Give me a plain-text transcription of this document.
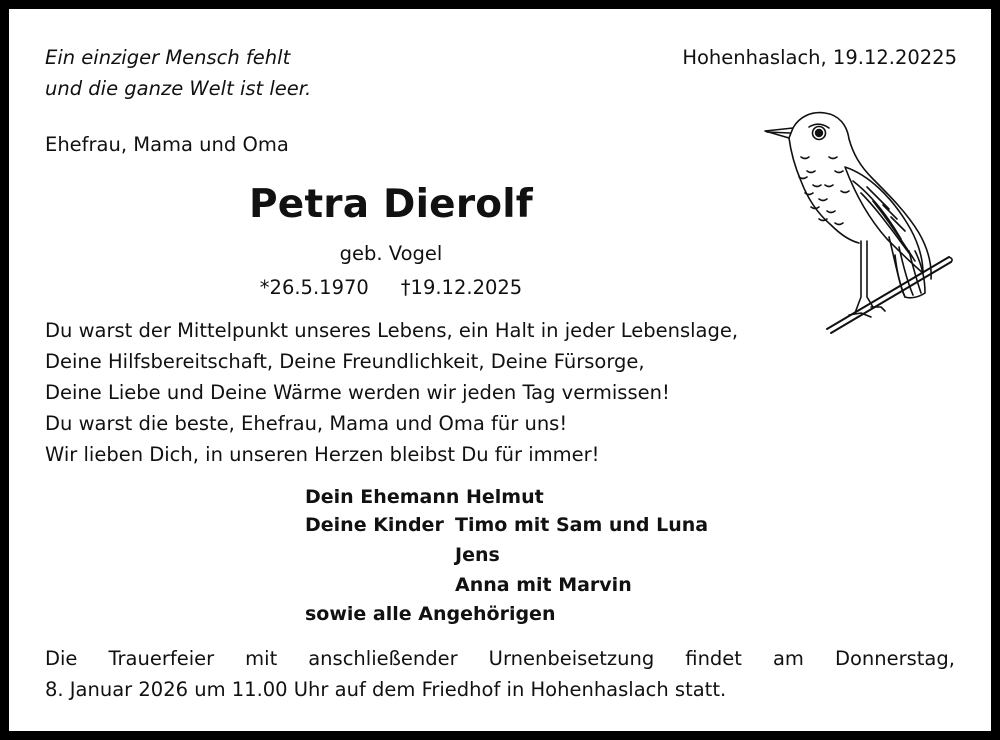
Ein einziger Mensch fehlt
und die ganze Welt ist leer.
Hohenhaslach, 19.12.20225
Ehefrau, Mama und Oma
Petra Dierolf
geb. Vogel
*26.5.1970 †19.12.2025
Du warst der Mittelpunkt unseres Lebens, ein Halt in jeder Lebenslage,
Deine Hilfsbereitschaft, Deine Freundlichkeit, Deine Fürsorge,
Deine Liebe und Deine Wärme werden wir jeden Tag vermissen!
Du warst die beste, Ehefrau, Mama und Oma für uns!
Wir lieben Dich, in unseren Herzen bleibst Du für immer!
Dein Ehemann Helmut
Deine Kinder Timo mit Sam und Luna
Jens
Anna mit Marvin
sowie alle Angehörigen
Die Trauerfeier mit anschließender Urnenbeisetzung findet am Donnerstag,
8. Januar 2026 um 11.00 Uhr auf dem Friedhof in Hohenhaslach statt.
